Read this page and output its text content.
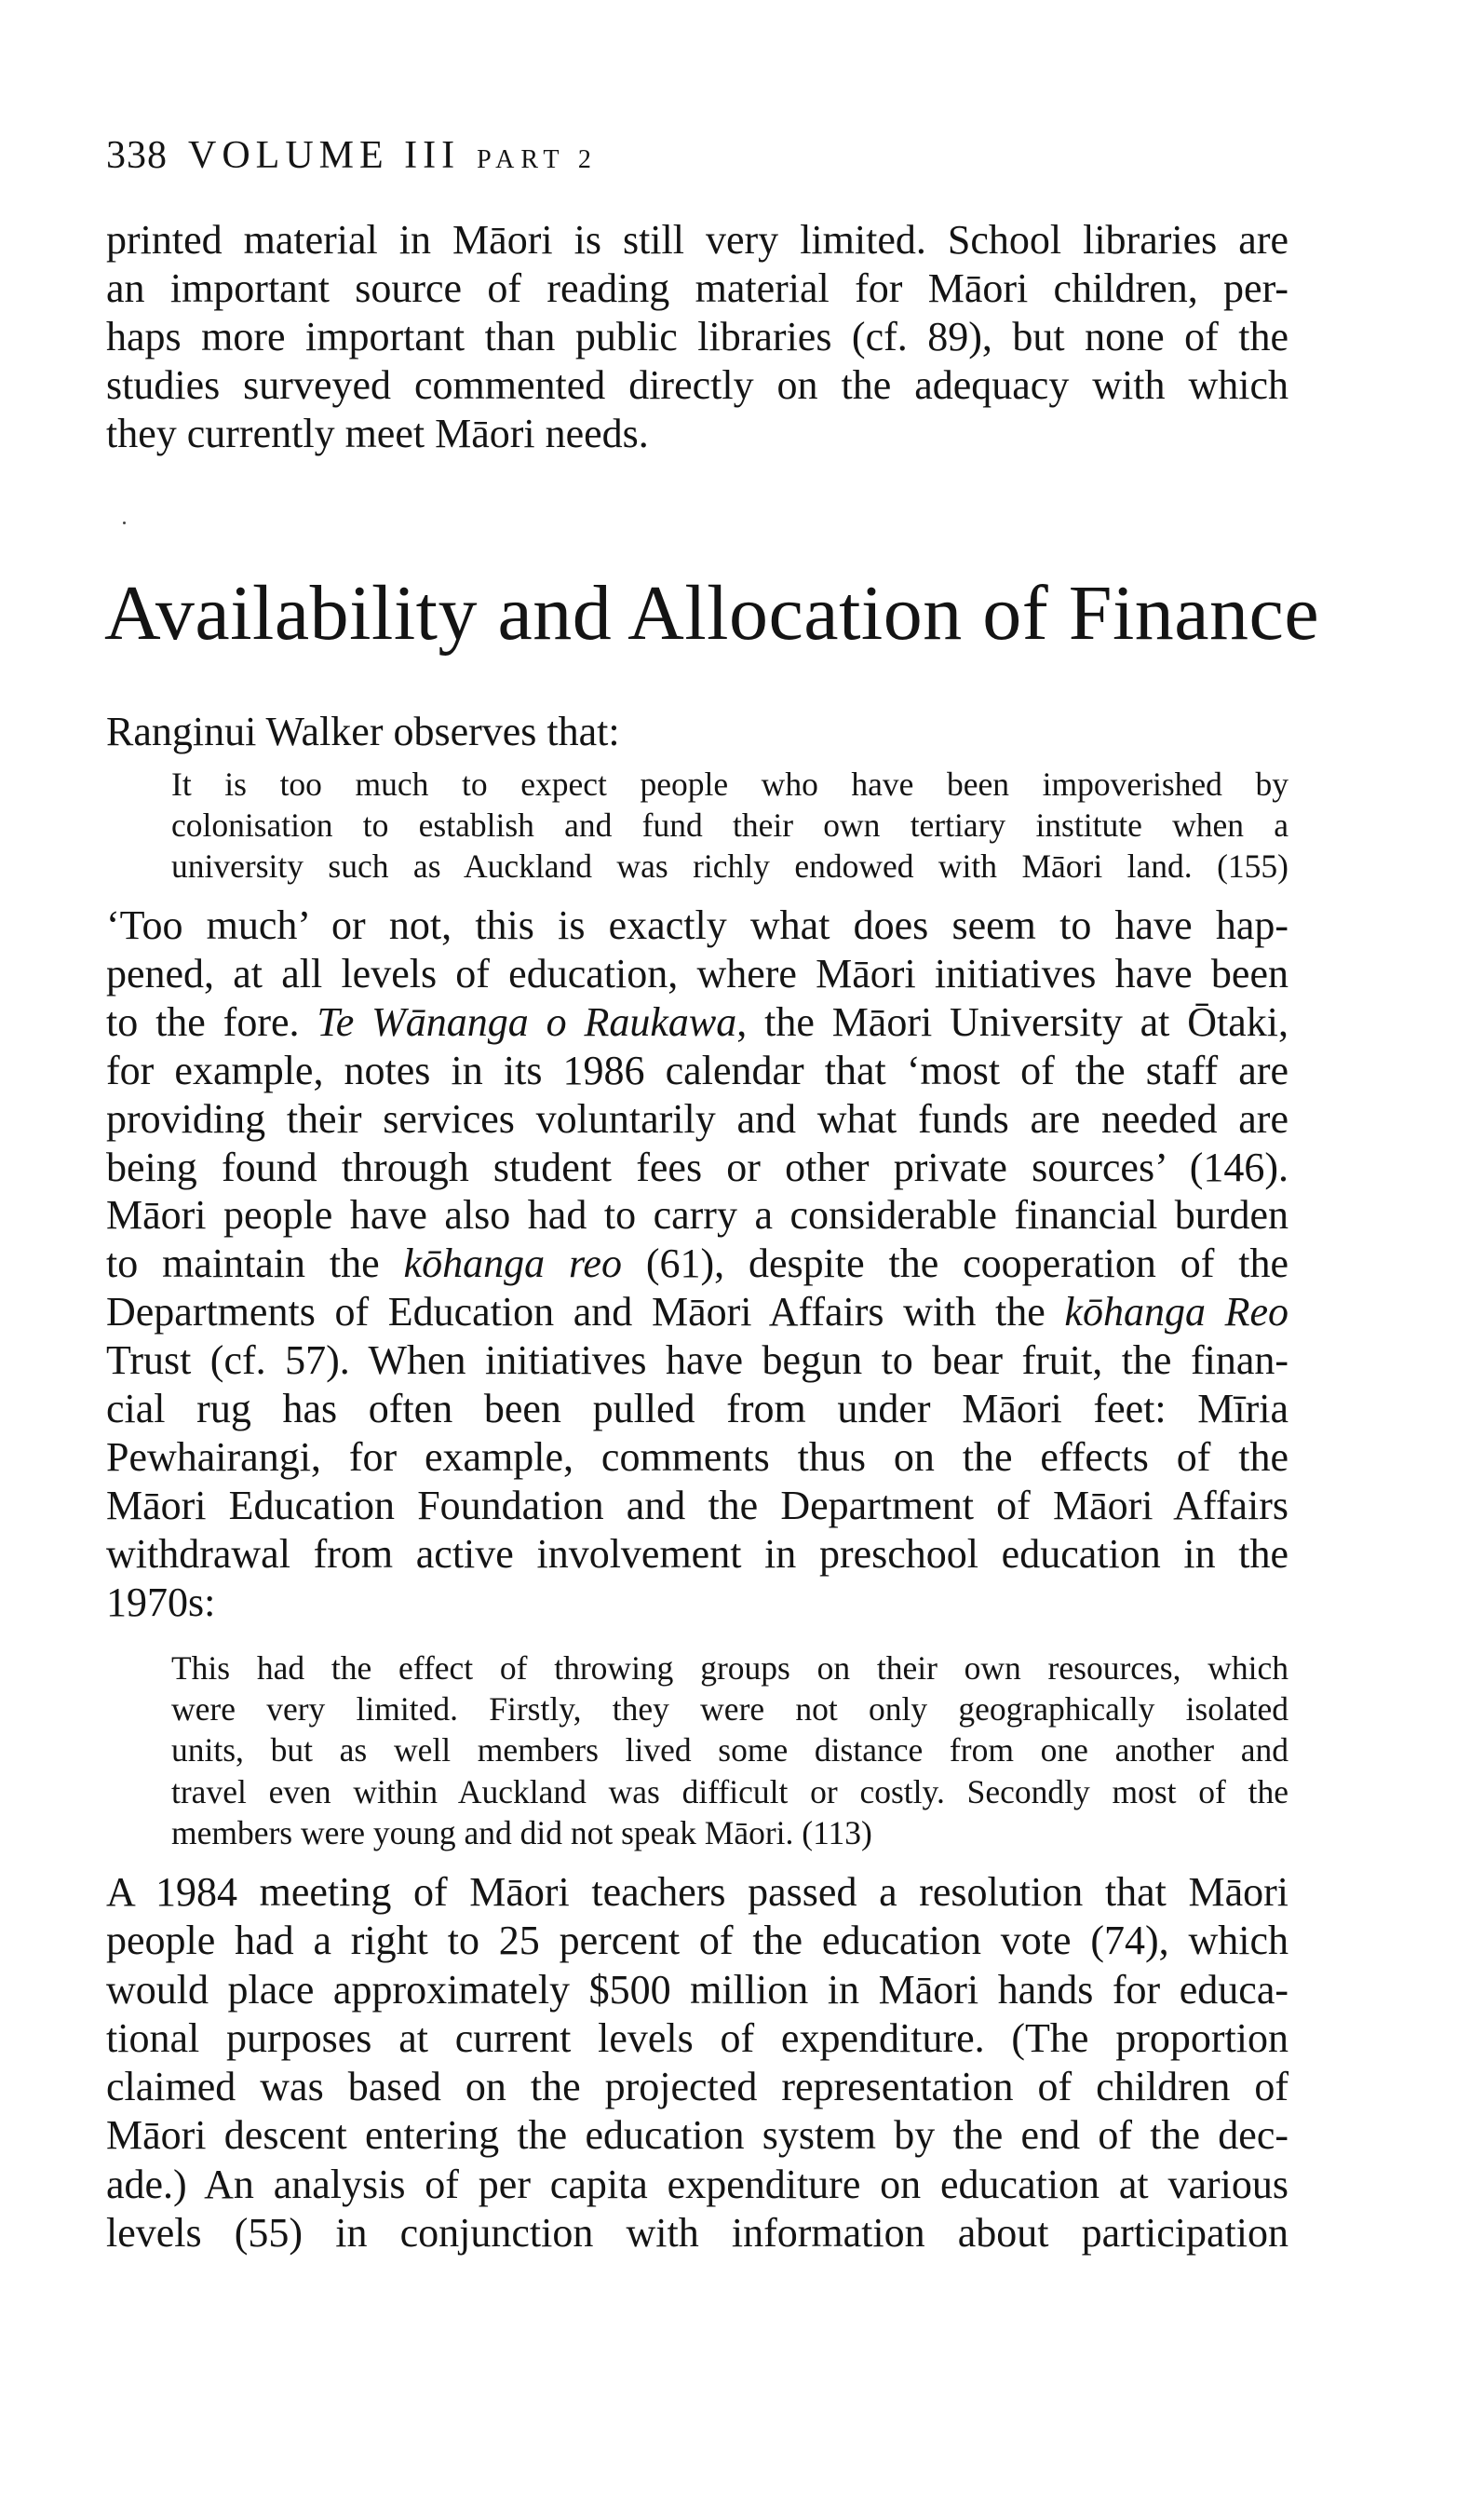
338 VOLUME III PART 2
printed material in Māori is still very limited. School libraries are
an important source of reading material for Māori children, per-
haps more important than public libraries (cf. 89), but none of the
studies surveyed commented directly on the adequacy with which
they currently meet Māori needs.
Availability and Allocation of Finance
Ranginui Walker observes that:
It is too much to expect people who have been impoverished by
colonisation to establish and fund their own tertiary institute when a
university such as Auckland was richly endowed with Māori land. (155)
‘Too much’ or not, this is exactly what does seem to have hap-
pened, at all levels of education, where Māori initiatives have been
to the fore. Te Wānanga o Raukawa, the Māori University at Ōtaki,
for example, notes in its 1986 calendar that ‘most of the staff are
providing their services voluntarily and what funds are needed are
being found through student fees or other private sources’ (146).
Māori people have also had to carry a considerable financial burden
to maintain the kōhanga reo (61), despite the cooperation of the
Departments of Education and Māori Affairs with the kōhanga Reo
Trust (cf. 57). When initiatives have begun to bear fruit, the finan-
cial rug has often been pulled from under Māori feet: Mīria
Pewhairangi, for example, comments thus on the effects of the
Māori Education Foundation and the Department of Māori Affairs
withdrawal from active involvement in preschool education in the
1970s:
This had the effect of throwing groups on their own resources, which
were very limited. Firstly, they were not only geographically isolated
units, but as well members lived some distance from one another and
travel even within Auckland was difficult or costly. Secondly most of the
members were young and did not speak Māori. (113)
A 1984 meeting of Māori teachers passed a resolution that Māori
people had a right to 25 percent of the education vote (74), which
would place approximately $500 million in Māori hands for educa-
tional purposes at current levels of expenditure. (The proportion
claimed was based on the projected representation of children of
Māori descent entering the education system by the end of the dec-
ade.) An analysis of per capita expenditure on education at various
levels (55) in conjunction with information about participation
